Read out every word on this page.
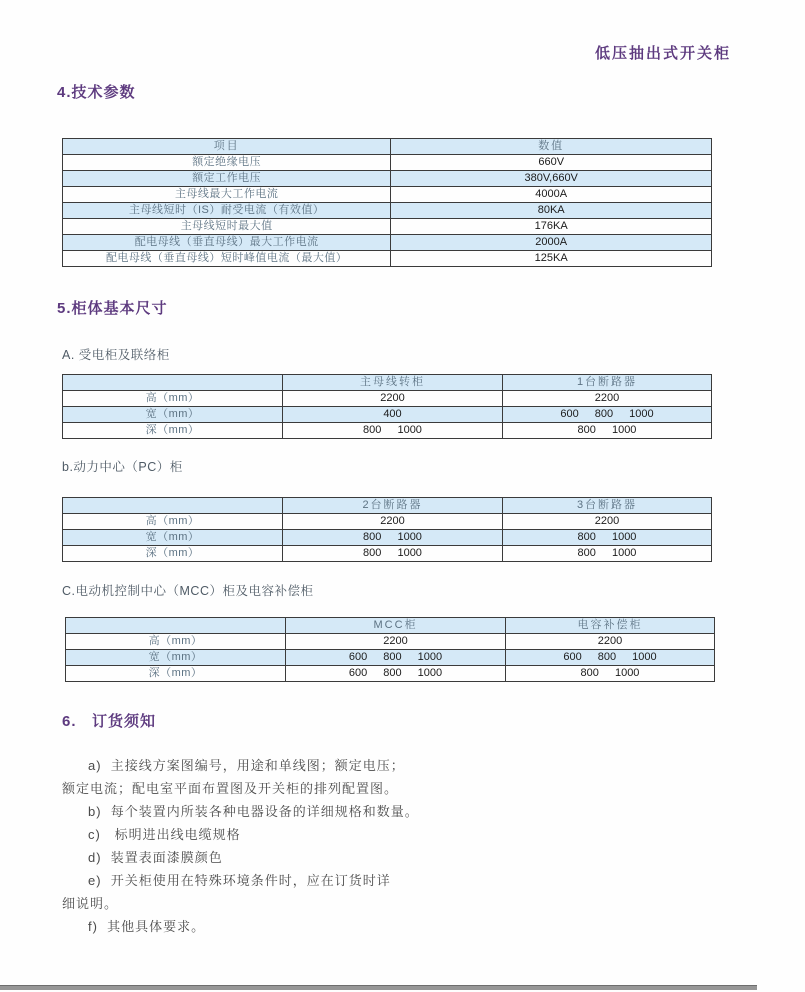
低压抽出式开关柜
4.技术参数
项目	数值
额定绝缘电压	660V
额定工作电压	380V,660V
主母线最大工作电流	4000A
主母线短时（IS）耐受电流（有效值）	80KA
主母线短时最大值	176KA
配电母线（垂直母线）最大工作电流	2000A
配电母线（垂直母线）短时峰值电流（最大值）	125KA
5.柜体基本尺寸
A. 受电柜及联络柜
	主母线转柜	1台断路器
高（mm）	2200	2200
宽（mm）	400	600 800 1000
深（mm）	800 1000	800 1000
b.动力中心（PC）柜
	2台断路器	3台断路器
高（mm）	2200	2200
宽（mm）	800 1000	800 1000
深（mm）	800 1000	800 1000
C.电动机控制中心（MCC）柜及电容补偿柜
	MCC柜	电容补偿柜
高（mm）	2200	2200
宽（mm）	600 800 1000	600 800 1000
深（mm）	600 800 1000	800 1000
6.   订货须知

a)  主接线方案图编号，用途和单线图；额定电压；

额定电流；配电室平面布置图及开关柜的排列配置图。

b)  每个装置内所装各种电器设备的详细规格和数量。

c)   标明进出线电缆规格

d)  装置表面漆膜颜色

e)  开关柜使用在特殊环境条件时，应在订货时详

细说明。

f)  其他具体要求。
